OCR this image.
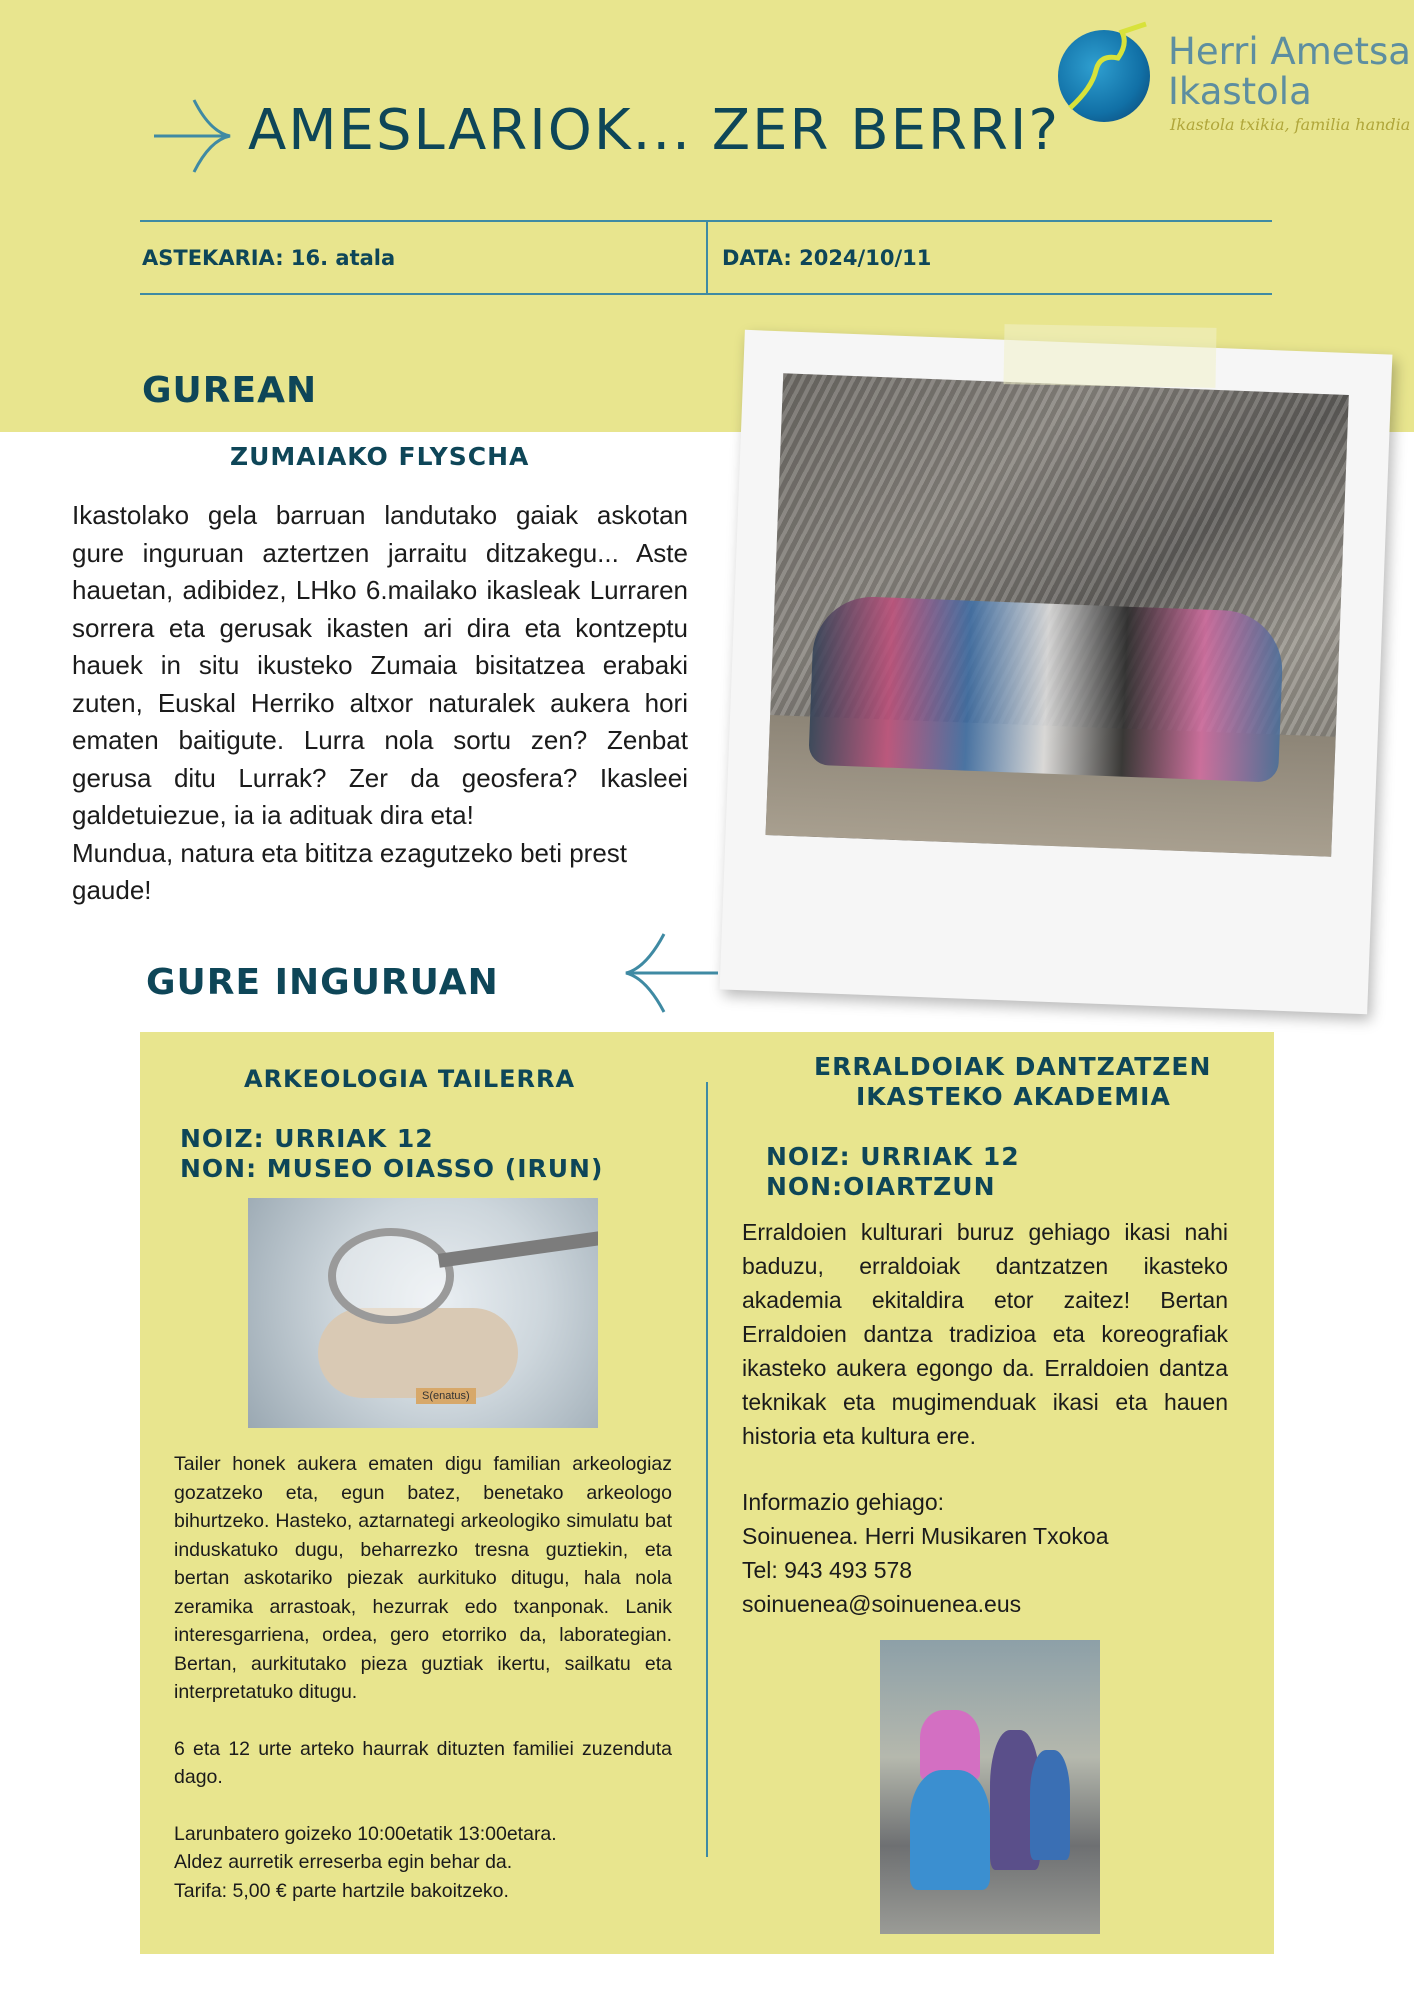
AMESLARIOK... ZER BERRI?
Herri Ametsa
Ikastola
Ikastola txikia, familia handia
ASTEKARIA: 16. atala	DATA: 2024/10/11
GUREAN
ZUMAIAKO FLYSCHA
Ikastolako gela barruan landutako gaiak askotan gure inguruan aztertzen jarraitu ditzakegu... Aste hauetan, adibidez, LHko 6.mailako ikasleak Lurraren sorrera eta gerusak ikasten ari dira eta kontzeptu hauek in situ ikusteko Zumaia bisitatzea erabaki zuten, Euskal Herriko altxor naturalek aukera hori ematen baitigute. Lurra nola sortu zen? Zenbat gerusa ditu Lurrak? Zer da geosfera? Ikasleei galdetuiezue, ia ia adituak dira eta!
Mundua, natura eta bititza ezagutzeko beti prest gaude!
GURE INGURUAN
ARKEOLOGIA TAILERRA
NOIZ: URRIAK 12
NON: MUSEO OIASSO (IRUN)
S(enatus)
Tailer honek aukera ematen digu familian arkeologiaz gozatzeko eta, egun batez, benetako arkeologo bihurtzeko. Hasteko, aztarnategi arkeologiko simulatu bat induskatuko dugu, beharrezko tresna guztiekin, eta bertan askotariko piezak aurkituko ditugu, hala nola zeramika arrastoak, hezurrak edo txanponak. Lanik interesgarriena, ordea, gero etorriko da, laborategian. Bertan, aurkitutako pieza guztiak ikertu, sailkatu eta interpretatuko ditugu.
6 eta 12 urte arteko haurrak dituzten familiei zuzenduta dago.
Larunbatero goizeko 10:00etatik 13:00etara.
Aldez aurretik erreserba egin behar da.
Tarifa: 5,00 € parte hartzile bakoitzeko.
ERRALDOIAK DANTZATZEN
IKASTEKO AKADEMIA
NOIZ: URRIAK 12
NON:OIARTZUN
Erraldoien kulturari buruz gehiago ikasi nahi baduzu, erraldoiak dantzatzen ikasteko akademia ekitaldira etor zaitez! Bertan Erraldoien dantza tradizioa eta koreografiak ikasteko aukera egongo da. Erraldoien dantza teknikak eta mugimenduak ikasi eta hauen historia eta kultura ere.
Informazio gehiago:
Soinuenea. Herri Musikaren Txokoa
Tel: 943 493 578
soinuenea@soinuenea.eus
